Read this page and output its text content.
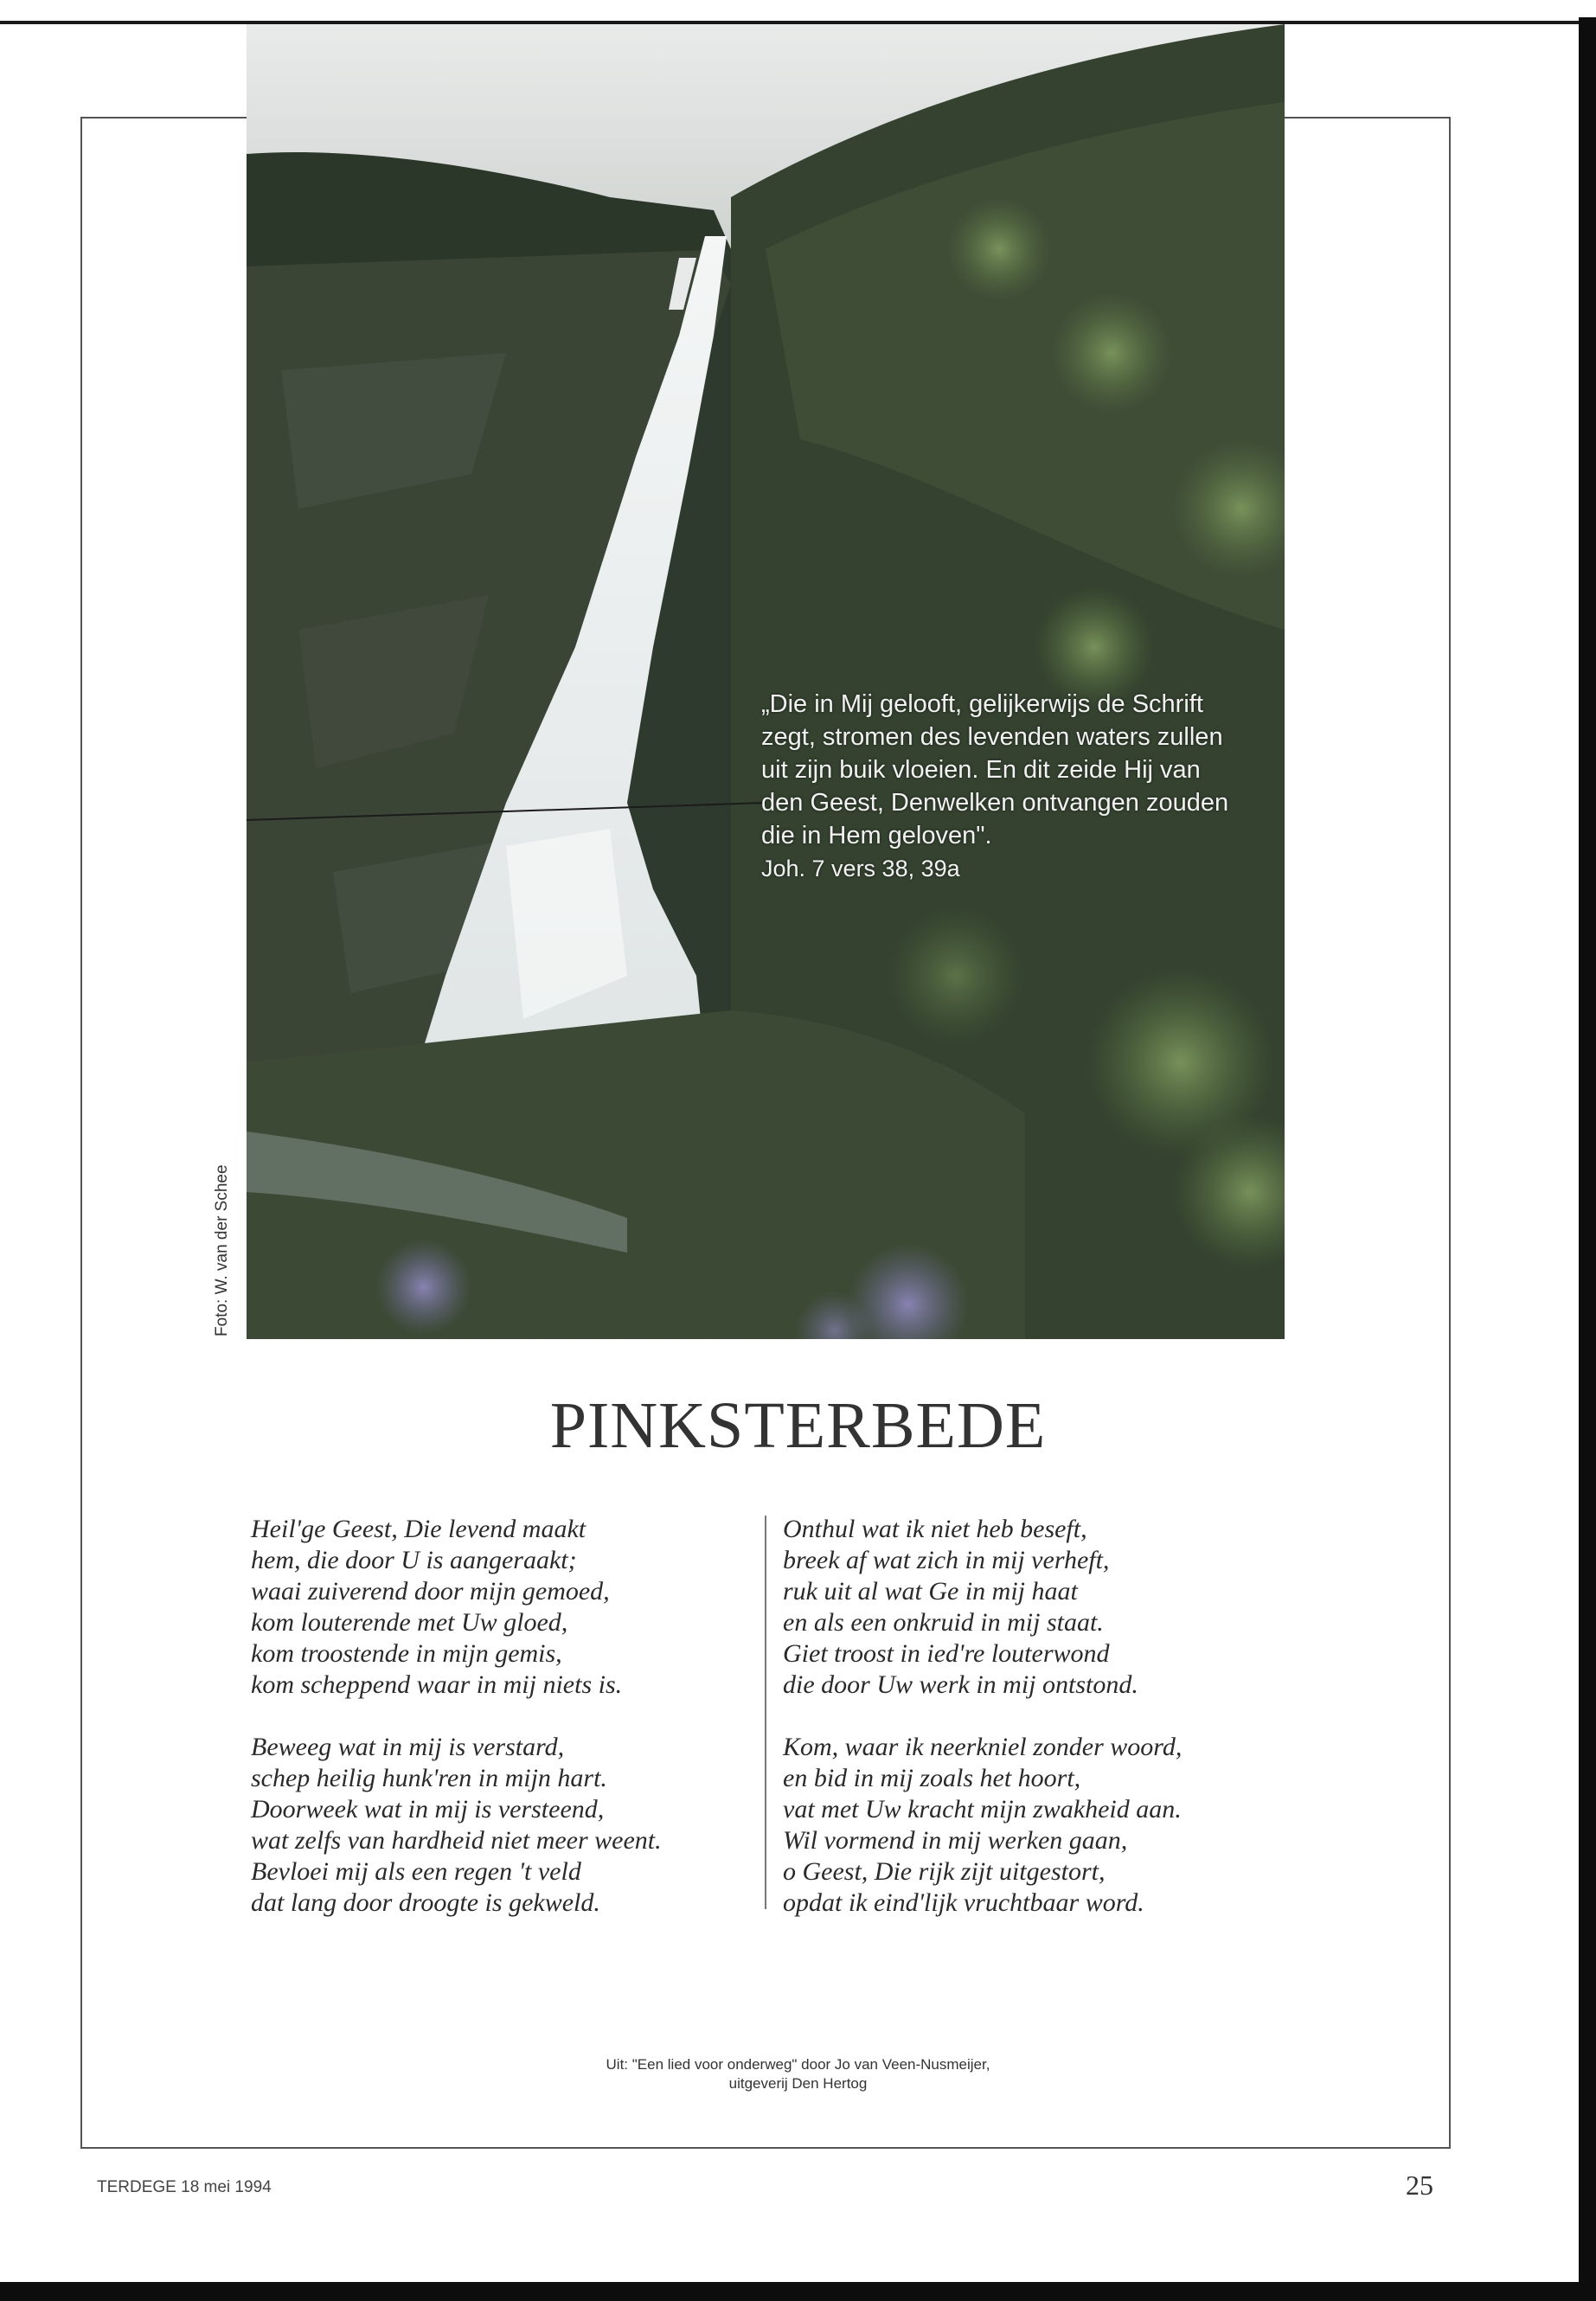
Foto: W. van der Schee
„Die in Mij gelooft, gelijkerwijs de Schrift zegt, stromen des levenden waters zullen uit zijn buik vloeien. En dit zeide Hij van den Geest, Denwelken ontvangen zouden die in Hem geloven".
Joh. 7 vers 38, 39a
PINKSTERBEDE

Heil'ge Geest, Die levend maakt

hem, die door U is aangeraakt;

waai zuiverend door mijn gemoed,

kom louterende met Uw gloed,

kom troostende in mijn gemis,

kom scheppend waar in mij niets is.

Beweeg wat in mij is verstard,

schep heilig hunk'ren in mijn hart.

Doorweek wat in mij is versteend,

wat zelfs van hardheid niet meer weent.

Bevloei mij als een regen 't veld

dat lang door droogte is gekweld.

Onthul wat ik niet heb beseft,

breek af wat zich in mij verheft,

ruk uit al wat Ge in mij haat

en als een onkruid in mij staat.

Giet troost in ied're louterwond

die door Uw werk in mij ontstond.

Kom, waar ik neerkniel zonder woord,

en bid in mij zoals het hoort,

vat met Uw kracht mijn zwakheid aan.

Wil vormend in mij werken gaan,

o Geest, Die rijk zijt uitgestort,

opdat ik eind'lijk vruchtbaar word.

Uit: "Een lied voor onderweg" door Jo van Veen-Nusmeijer,
uitgeverij Den Hertog
TERDEGE 18 mei 1994	25
